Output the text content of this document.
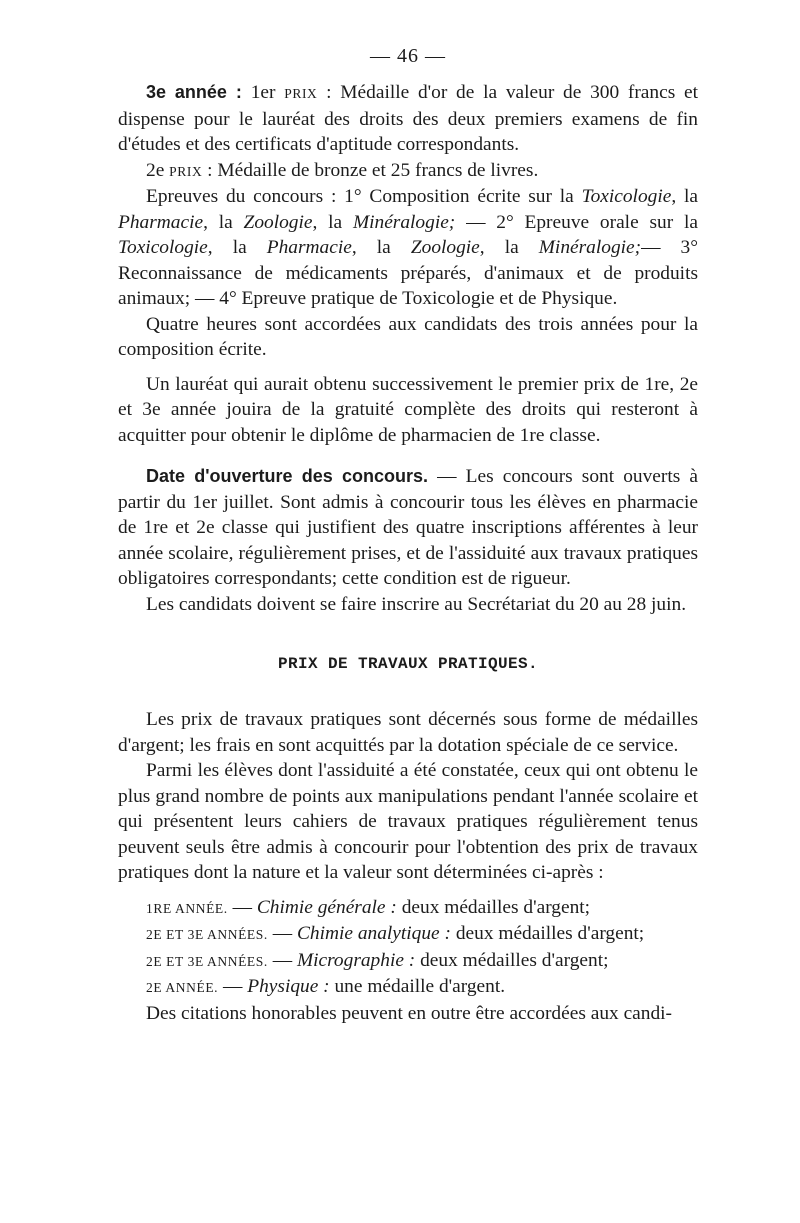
— 46 —

3e année : 1er PRIX : Médaille d'or de la valeur de 300 francs et dispense pour le lauréat des droits des deux premiers examens de fin d'études et des certificats d'aptitude correspondants.

2e PRIX : Médaille de bronze et 25 francs de livres.

Epreuves du concours : 1° Composition écrite sur la Toxicologie, la Pharmacie, la Zoologie, la Minéralogie; — 2° Epreuve orale sur la Toxicologie, la Pharmacie, la Zoologie, la Minéralogie;— 3° Reconnaissance de médicaments préparés, d'animaux et de produits animaux; — 4° Epreuve pratique de Toxicologie et de Physique.

Quatre heures sont accordées aux candidats des trois années pour la composition écrite.

Un lauréat qui aurait obtenu successivement le premier prix de 1re, 2e et 3e année jouira de la gratuité complète des droits qui resteront à acquitter pour obtenir le diplôme de pharmacien de 1re classe.

Date d'ouverture des concours. — Les concours sont ouverts à partir du 1er juillet. Sont admis à concourir tous les élèves en pharmacie de 1re et 2e classe qui justifient des quatre inscriptions afférentes à leur année scolaire, régulièrement prises, et de l'assiduité aux travaux pratiques obligatoires correspondants; cette condition est de rigueur.

Les candidats doivent se faire inscrire au Secrétariat du 20 au 28 juin.

PRIX DE TRAVAUX PRATIQUES.

Les prix de travaux pratiques sont décernés sous forme de médailles d'argent; les frais en sont acquittés par la dotation spéciale de ce service.

Parmi les élèves dont l'assiduité a été constatée, ceux qui ont obtenu le plus grand nombre de points aux manipulations pendant l'année scolaire et qui présentent leurs cahiers de travaux pratiques régulièrement tenus peuvent seuls être admis à concourir pour l'obtention des prix de travaux pratiques dont la nature et la valeur sont déterminées ci-après :

1RE ANNÉE. — Chimie générale : deux médailles d'argent;

2E ET 3E ANNÉES. — Chimie analytique : deux médailles d'argent;

2E ET 3E ANNÉES. — Micrographie : deux médailles d'argent;

2E ANNÉE. — Physique : une médaille d'argent.

Des citations honorables peuvent en outre être accordées aux candi-
